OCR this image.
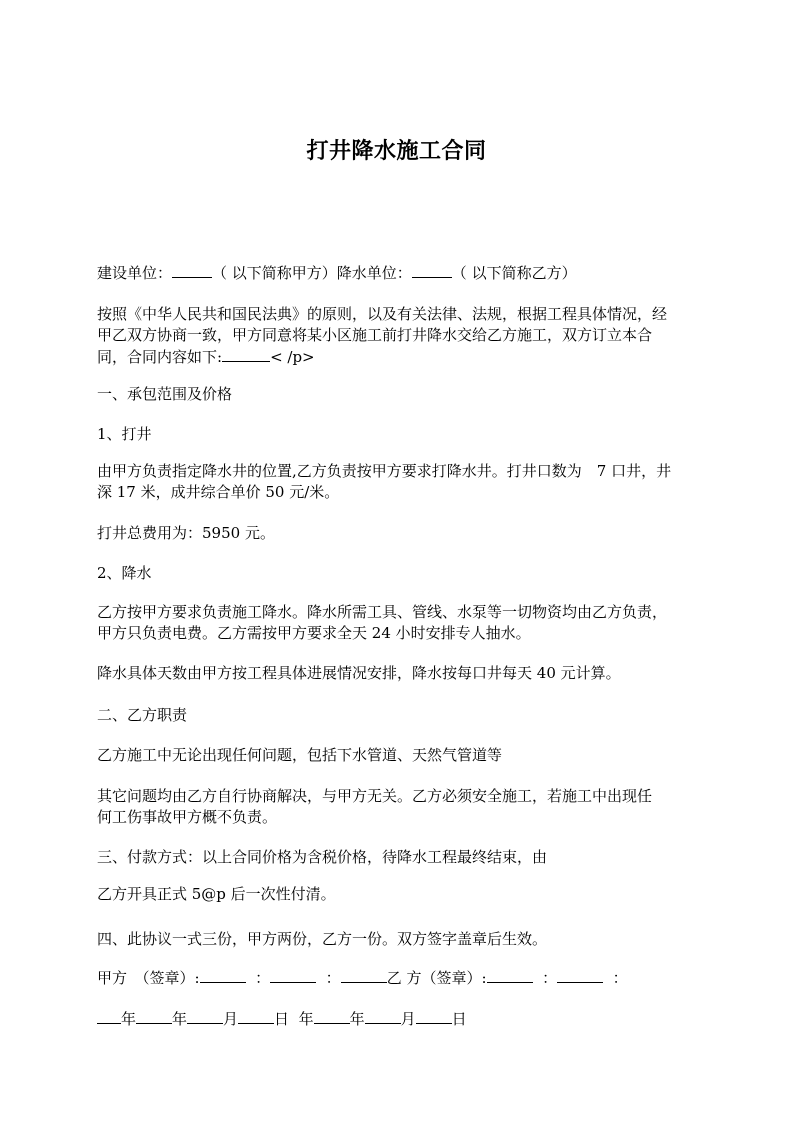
打井降水施工合同
建设单位：	（ 以下简称甲方）降水单位：	（ 以下简称乙方）
按照《中华人民共和国民法典》的原则，以及有关法律、法规，根据工程具体情况，经
甲乙双方协商一致，甲方同意将某小区施工前打井降水交给乙方施工，双方订立本合
同，合同内容如下:	< /p>
一、承包范围及价格
1、打井
由甲方负责指定降水井的位置,乙方负责按甲方要求打降水井。打井口数为　7 口井，井
深 17 米，成井综合单价 50 元/米。
打井总费用为：5950 元。
2、降水
乙方按甲方要求负责施工降水。降水所需工具、管线、水泵等一切物资均由乙方负责，
甲方只负责电费。乙方需按甲方要求全天 24 小时安排专人抽水。
降水具体天数由甲方按工程具体进展情况安排，降水按每口井每天 40 元计算。
二、乙方职责
乙方施工中无论出现任何问题，包括下水管道、天然气管道等
其它问题均由乙方自行协商解决，与甲方无关。乙方必须安全施工，若施工中出现任
何工伤事故甲方概不负责。
三、付款方式：以上合同价格为含税价格，待降水工程最终结束，由
乙方开具正式 5@p 后一次性付清。
四、此协议一式三份，甲方两份，乙方一份。双方签字盖章后生效。
甲方　（签章）:	：	：	乙 方（签章）:	：	：
年 年 月 日 年 年 月 日
